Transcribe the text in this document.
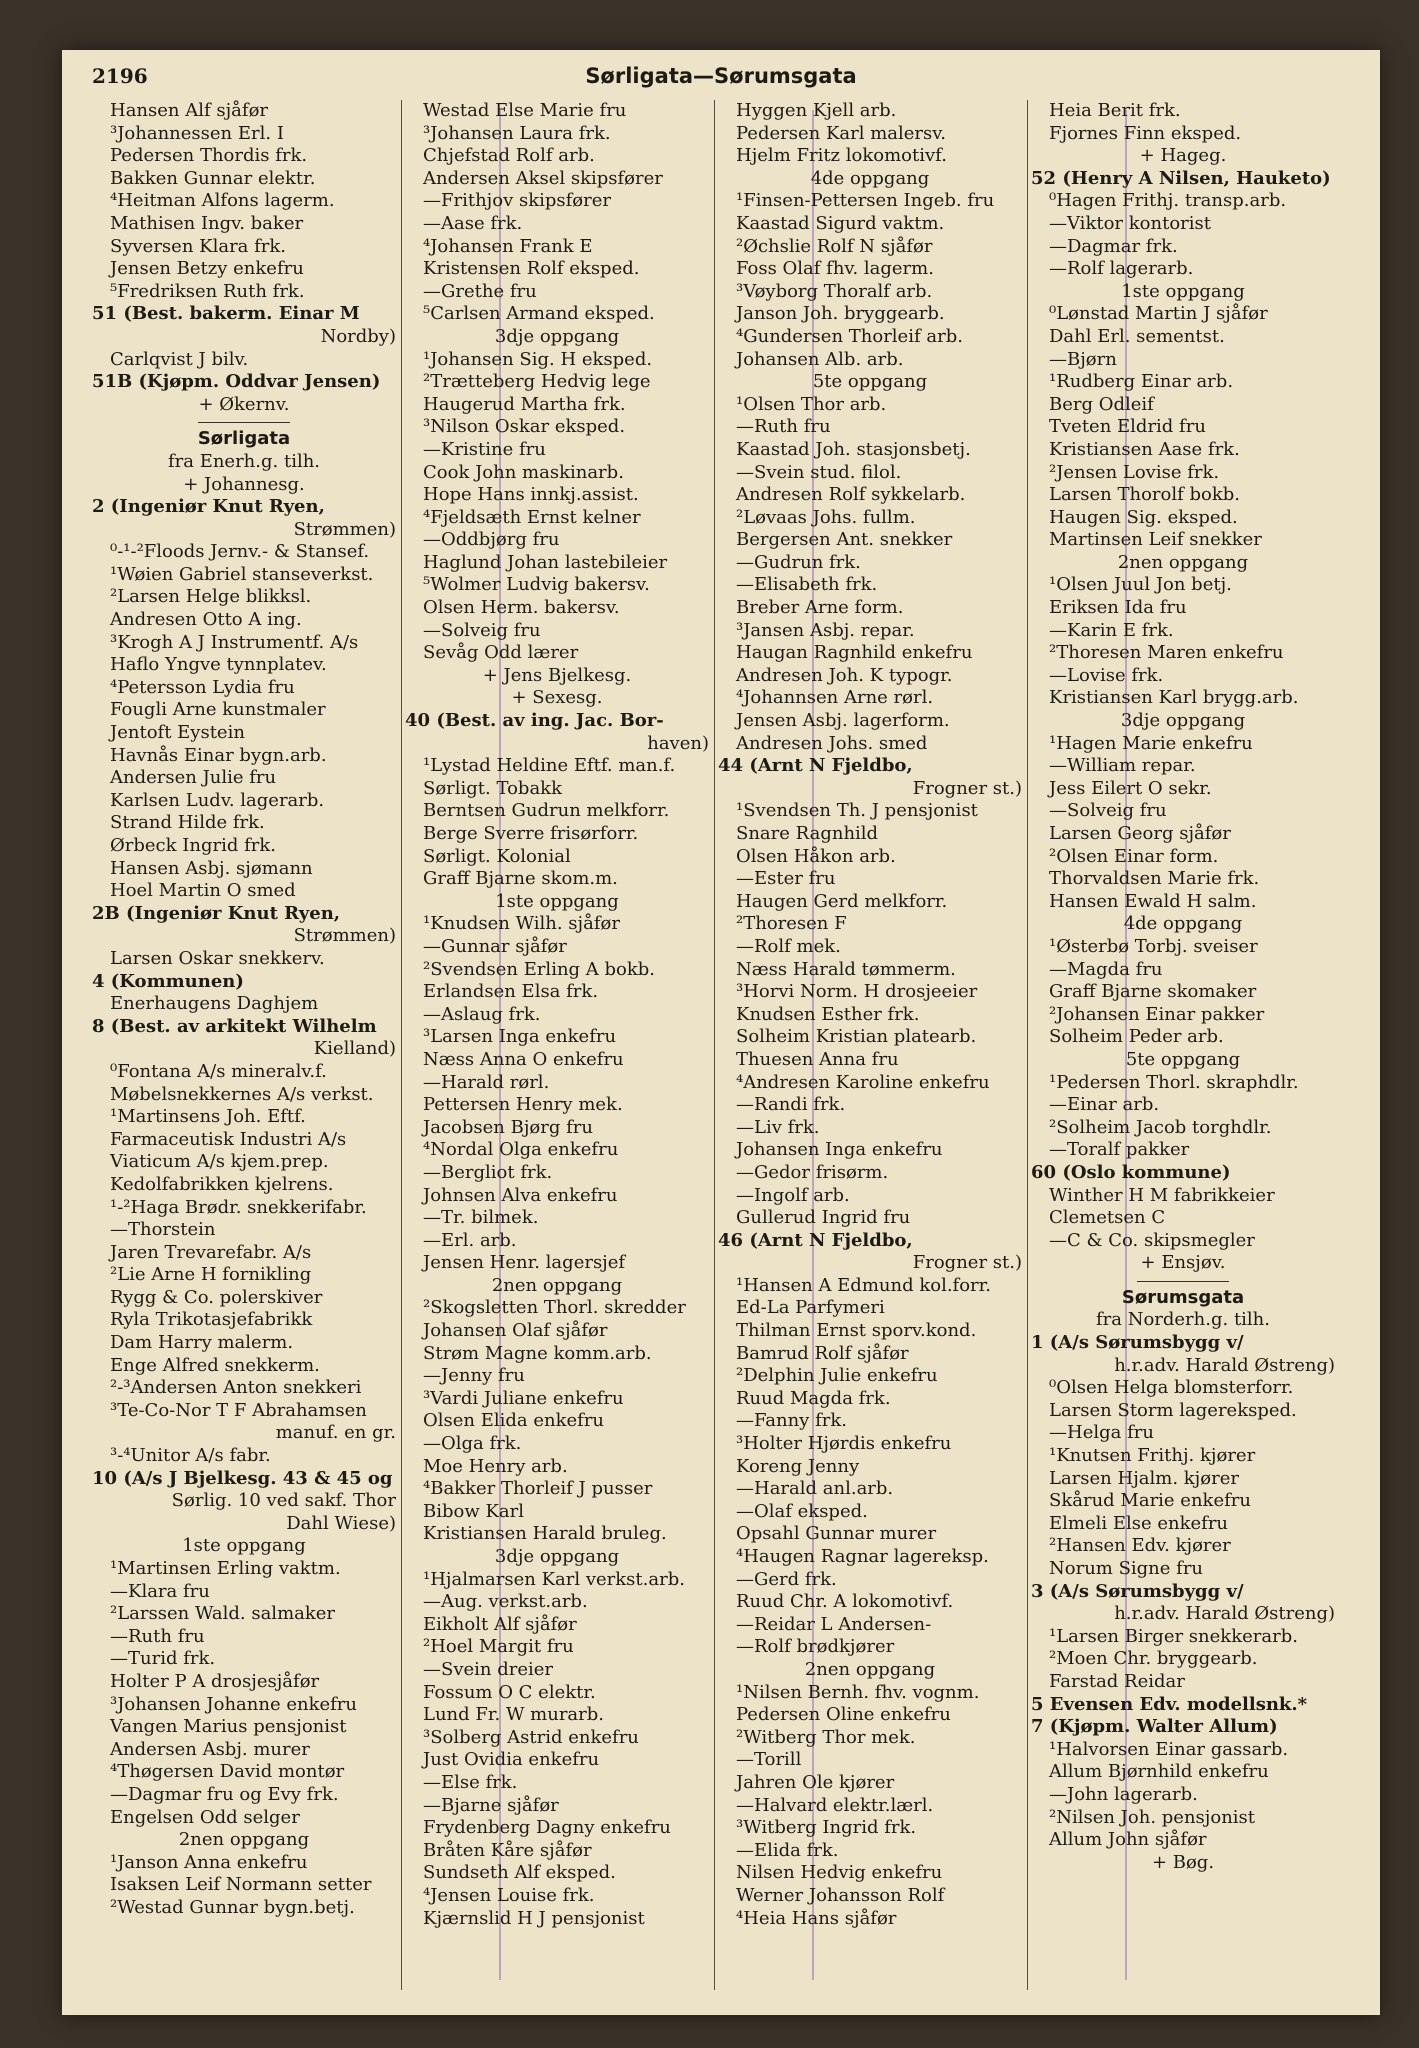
2196	Sørligata—Sørumsgata
Hansen Alf sjåfør
³Johannessen Erl. I
Pedersen Thordis frk.
Bakken Gunnar elektr.
⁴Heitman Alfons lagerm.
Mathisen Ingv. baker
Syversen Klara frk.
Jensen Betzy enkefru
⁵Fredriksen Ruth frk.
51 (Best. bakerm. Einar M
Nordby)
Carlqvist J bilv.
51B (Kjøpm. Oddvar Jensen)
+ Økernv.
Sørligata
fra Enerh.g. tilh.
+ Johannesg.
2 (Ingeniør Knut Ryen,
Strømmen)
⁰-¹-²Floods Jernv.- & Stansef.
¹Wøien Gabriel stanseverkst.
²Larsen Helge blikksl.
Andresen Otto A ing.
³Krogh A J Instrumentf. A/s
Haflo Yngve tynnplatev.
⁴Petersson Lydia fru
Fougli Arne kunstmaler
Jentoft Eystein
Havnås Einar bygn.arb.
Andersen Julie fru
Karlsen Ludv. lagerarb.
Strand Hilde frk.
Ørbeck Ingrid frk.
Hansen Asbj. sjømann
Hoel Martin O smed
2B (Ingeniør Knut Ryen,
Strømmen)
Larsen Oskar snekkerv.
4 (Kommunen)
Enerhaugens Daghjem
8 (Best. av arkitekt Wilhelm
Kielland)
⁰Fontana A/s mineralv.f.
Møbelsnekkernes A/s verkst.
¹Martinsens Joh. Eftf.
Farmaceutisk Industri A/s
Viaticum A/s kjem.prep.
Kedolfabrikken kjelrens.
¹-²Haga Brødr. snekkerifabr.
—Thorstein
Jaren Trevarefabr. A/s
²Lie Arne H fornikling
Rygg & Co. polerskiver
Ryla Trikotasjefabrikk
Dam Harry malerm.
Enge Alfred snekkerm.
²-³Andersen Anton snekkeri
³Te-Co-Nor T F Abrahamsen
manuf. en gr.
³-⁴Unitor A/s fabr.
10 (A/s J Bjelkesg. 43 & 45 og
Sørlig. 10 ved sakf. Thor
Dahl Wiese)
1ste oppgang
¹Martinsen Erling vaktm.
—Klara fru
²Larssen Wald. salmaker
—Ruth fru
—Turid frk.
Holter P A drosjesjåfør
³Johansen Johanne enkefru
Vangen Marius pensjonist
Andersen Asbj. murer
⁴Thøgersen David montør
—Dagmar fru og Evy frk.
Engelsen Odd selger
2nen oppgang
¹Janson Anna enkefru
Isaksen Leif Normann setter
²Westad Gunnar bygn.betj.
Westad Else Marie fru
³Johansen Laura frk.
Chjefstad Rolf arb.
Andersen Aksel skipsfører
—Frithjov skipsfører
—Aase frk.
⁴Johansen Frank E
Kristensen Rolf eksped.
—Grethe fru
⁵Carlsen Armand eksped.
3dje oppgang
¹Johansen Sig. H eksped.
²Trætteberg Hedvig lege
Haugerud Martha frk.
³Nilson Oskar eksped.
—Kristine fru
Cook John maskinarb.
Hope Hans innkj.assist.
⁴Fjeldsæth Ernst kelner
—Oddbjørg fru
Haglund Johan lastebileier
⁵Wolmer Ludvig bakersv.
Olsen Herm. bakersv.
—Solveig fru
Sevåg Odd lærer
+ Jens Bjelkesg.
+ Sexesg.
40 (Best. av ing. Jac. Bor-
haven)
¹Lystad Heldine Eftf. man.f.
Sørligt. Tobakk
Berntsen Gudrun melkforr.
Berge Sverre frisørforr.
Sørligt. Kolonial
Graff Bjarne skom.m.
1ste oppgang
¹Knudsen Wilh. sjåfør
—Gunnar sjåfør
²Svendsen Erling A bokb.
Erlandsen Elsa frk.
—Aslaug frk.
³Larsen Inga enkefru
Næss Anna O enkefru
—Harald rørl.
Pettersen Henry mek.
Jacobsen Bjørg fru
⁴Nordal Olga enkefru
—Bergliot frk.
Johnsen Alva enkefru
—Tr. bilmek.
—Erl. arb.
Jensen Henr. lagersjef
2nen oppgang
²Skogsletten Thorl. skredder
Johansen Olaf sjåfør
Strøm Magne komm.arb.
—Jenny fru
³Vardi Juliane enkefru
Olsen Elida enkefru
—Olga frk.
Moe Henry arb.
⁴Bakker Thorleif J pusser
Bibow Karl
Kristiansen Harald bruleg.
3dje oppgang
¹Hjalmarsen Karl verkst.arb.
—Aug. verkst.arb.
Eikholt Alf sjåfør
²Hoel Margit fru
—Svein dreier
Fossum O C elektr.
Lund Fr. W murarb.
³Solberg Astrid enkefru
Just Ovidia enkefru
—Else frk.
—Bjarne sjåfør
Frydenberg Dagny enkefru
Bråten Kåre sjåfør
Sundseth Alf eksped.
⁴Jensen Louise frk.
Kjærnslid H J pensjonist
Hyggen Kjell arb.
Pedersen Karl malersv.
Hjelm Fritz lokomotivf.
4de oppgang
¹Finsen-Pettersen Ingeb. fru
Kaastad Sigurd vaktm.
²Øchslie Rolf N sjåfør
Foss Olaf fhv. lagerm.
³Vøyborg Thoralf arb.
Janson Joh. bryggearb.
⁴Gundersen Thorleif arb.
Johansen Alb. arb.
5te oppgang
¹Olsen Thor arb.
—Ruth fru
Kaastad Joh. stasjonsbetj.
—Svein stud. filol.
Andresen Rolf sykkelarb.
²Løvaas Johs. fullm.
Bergersen Ant. snekker
—Gudrun frk.
—Elisabeth frk.
Breber Arne form.
³Jansen Asbj. repar.
Haugan Ragnhild enkefru
Andresen Joh. K typogr.
⁴Johannsen Arne rørl.
Jensen Asbj. lagerform.
Andresen Johs. smed
44 (Arnt N Fjeldbo,
Frogner st.)
¹Svendsen Th. J pensjonist
Snare Ragnhild
Olsen Håkon arb.
—Ester fru
Haugen Gerd melkforr.
²Thoresen F
—Rolf mek.
Næss Harald tømmerm.
³Horvi Norm. H drosjeeier
Knudsen Esther frk.
Solheim Kristian platearb.
Thuesen Anna fru
⁴Andresen Karoline enkefru
—Randi frk.
—Liv frk.
Johansen Inga enkefru
—Gedor frisørm.
—Ingolf arb.
Gullerud Ingrid fru
46 (Arnt N Fjeldbo,
Frogner st.)
¹Hansen A Edmund kol.forr.
Ed-La Parfymeri
Thilman Ernst sporv.kond.
Bamrud Rolf sjåfør
²Delphin Julie enkefru
Ruud Magda frk.
—Fanny frk.
³Holter Hjørdis enkefru
Koreng Jenny
—Harald anl.arb.
—Olaf eksped.
Opsahl Gunnar murer
⁴Haugen Ragnar lagereksp.
—Gerd frk.
Ruud Chr. A lokomotivf.
—Reidar L Andersen-
—Rolf brødkjører
2nen oppgang
¹Nilsen Bernh. fhv. vognm.
Pedersen Oline enkefru
²Witberg Thor mek.
—Torill
Jahren Ole kjører
—Halvard elektr.lærl.
³Witberg Ingrid frk.
—Elida frk.
Nilsen Hedvig enkefru
Werner Johansson Rolf
⁴Heia Hans sjåfør
Heia Berit frk.
Fjornes Finn eksped.
+ Hageg.
52 (Henry A Nilsen, Hauketo)
⁰Hagen Frithj. transp.arb.
—Viktor kontorist
—Dagmar frk.
—Rolf lagerarb.
1ste oppgang
⁰Lønstad Martin J sjåfør
Dahl Erl. sementst.
—Bjørn
¹Rudberg Einar arb.
Berg Odleif
Tveten Eldrid fru
Kristiansen Aase frk.
²Jensen Lovise frk.
Larsen Thorolf bokb.
Haugen Sig. eksped.
Martinsen Leif snekker
2nen oppgang
¹Olsen Juul Jon betj.
Eriksen Ida fru
—Karin E frk.
²Thoresen Maren enkefru
—Lovise frk.
Kristiansen Karl brygg.arb.
3dje oppgang
¹Hagen Marie enkefru
—William repar.
Jess Eilert O sekr.
—Solveig fru
Larsen Georg sjåfør
²Olsen Einar form.
Thorvaldsen Marie frk.
Hansen Ewald H salm.
4de oppgang
¹Østerbø Torbj. sveiser
—Magda fru
Graff Bjarne skomaker
²Johansen Einar pakker
Solheim Peder arb.
5te oppgang
¹Pedersen Thorl. skraphdlr.
—Einar arb.
²Solheim Jacob torghdlr.
—Toralf pakker
60 (Oslo kommune)
Winther H M fabrikkeier
Clemetsen C
—C & Co. skipsmegler
+ Ensjøv.
Sørumsgata
fra Norderh.g. tilh.
1 (A/s Sørumsbygg v/
h.r.adv. Harald Østreng)
⁰Olsen Helga blomsterforr.
Larsen Storm lagereksped.
—Helga fru
¹Knutsen Frithj. kjører
Larsen Hjalm. kjører
Skårud Marie enkefru
Elmeli Else enkefru
²Hansen Edv. kjører
Norum Signe fru
3 (A/s Sørumsbygg v/
h.r.adv. Harald Østreng)
¹Larsen Birger snekkerarb.
²Moen Chr. bryggearb.
Farstad Reidar
5 Evensen Edv. modellsnk.*
7 (Kjøpm. Walter Allum)
¹Halvorsen Einar gassarb.
Allum Bjørnhild enkefru
—John lagerarb.
²Nilsen Joh. pensjonist
Allum John sjåfør
+ Bøg.
